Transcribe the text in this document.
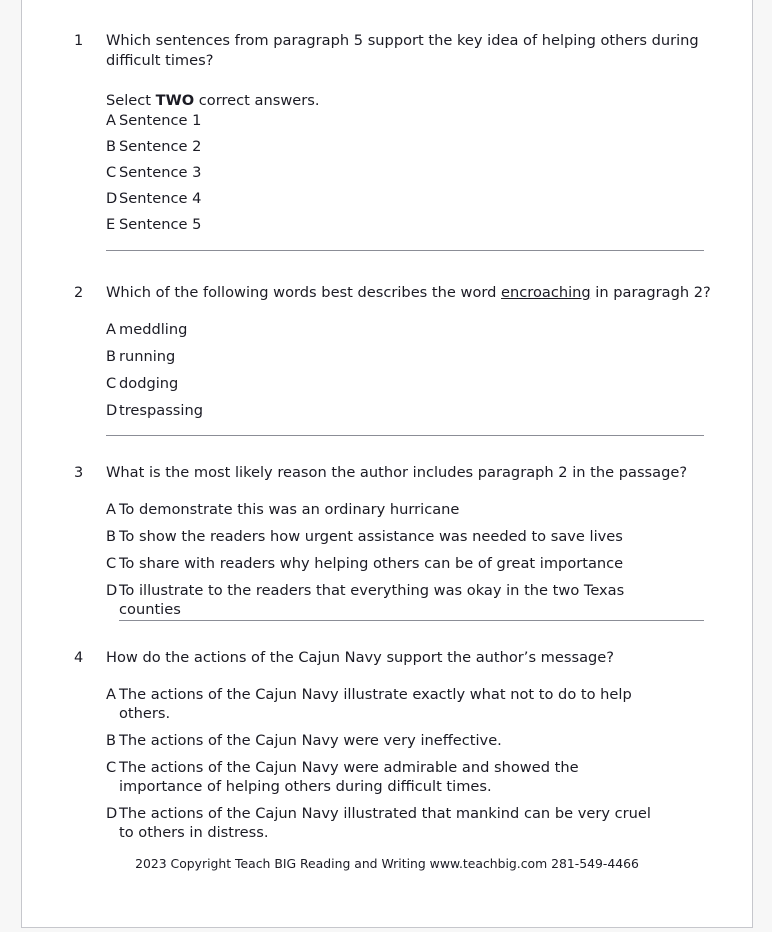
1	Which sentences from paragraph 5 support the key idea of helping others during difficult times?
Select TWO correct answers.
A Sentence 1
B Sentence 2
C Sentence 3
D Sentence 4
E Sentence 5
2	Which of the following words best describes the word encroaching in paragragh 2?
A meddling
B running
C dodging
D trespassing
3	What is the most likely reason the author includes paragraph 2 in the passage?
A To demonstrate this was an ordinary hurricane
B To show the readers how urgent assistance was needed to save lives
C To share with readers why helping others can be of great importance
D To illustrate to the readers that everything was okay in the two Texas counties
4	How do the actions of the Cajun Navy support the author’s message?
A The actions of the Cajun Navy illustrate exactly what not to do to help others.
B The actions of the Cajun Navy were very ineffective.
C The actions of the Cajun Navy were admirable and showed the importance of helping others during difficult times.
D The actions of the Cajun Navy illustrated that mankind can be very cruel to others in distress.
2023 Copyright Teach BIG Reading and Writing www.teachbig.com 281-549-4466
